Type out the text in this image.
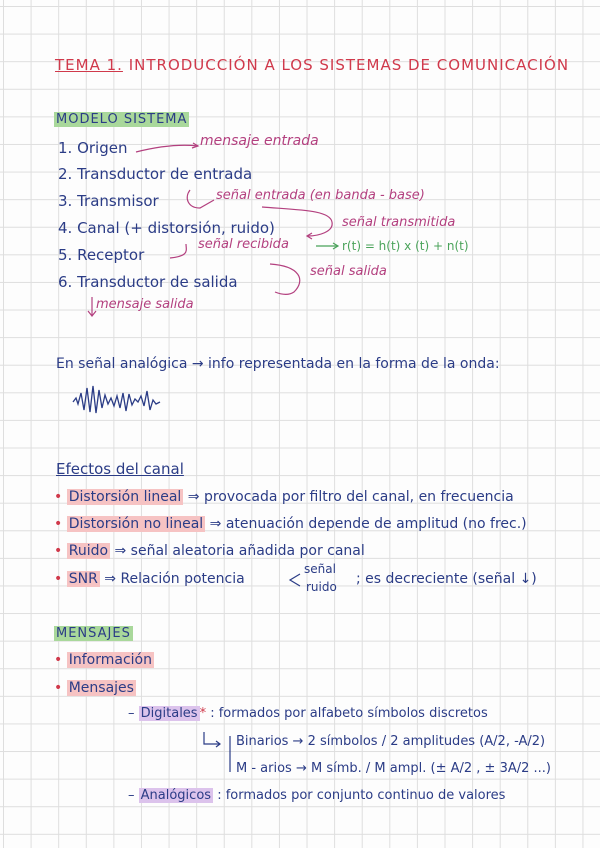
TEMA 1. INTRODUCCIÓN A LOS SISTEMAS DE COMUNICACIÓN
MODELO SISTEMA
1. Origen
2. Transductor de entrada
3. Transmisor
4. Canal (+ distorsión, ruido)
5. Receptor
6. Transductor de salida
mensaje entrada
señal entrada (en banda - base)
señal transmitida
señal recibida	r(t) = h(t) x (t) + n(t)
señal salida
mensaje salida
En señal analógica → info representada en la forma de la onda:
Efectos del canal
• Distorsión lineal ⇒ provocada por filtro del canal, en frecuencia
• Distorsión no lineal ⇒ atenuación depende de amplitud (no frec.)
• Ruido ⇒ señal aleatoria añadida por canal
• SNR ⇒ Relación potencia
señal
ruido ; es decreciente (señal ↓)
MENSAJES
• Información
• Mensajes
– Digitales * : formados por alfabeto símbolos discretos
Binarios → 2 símbolos / 2 amplitudes (A/2, -A/2)
M - arios → M símb. / M ampl. (± A/2 , ± 3A/2 ...)
– Analógicos : formados por conjunto continuo de valores
